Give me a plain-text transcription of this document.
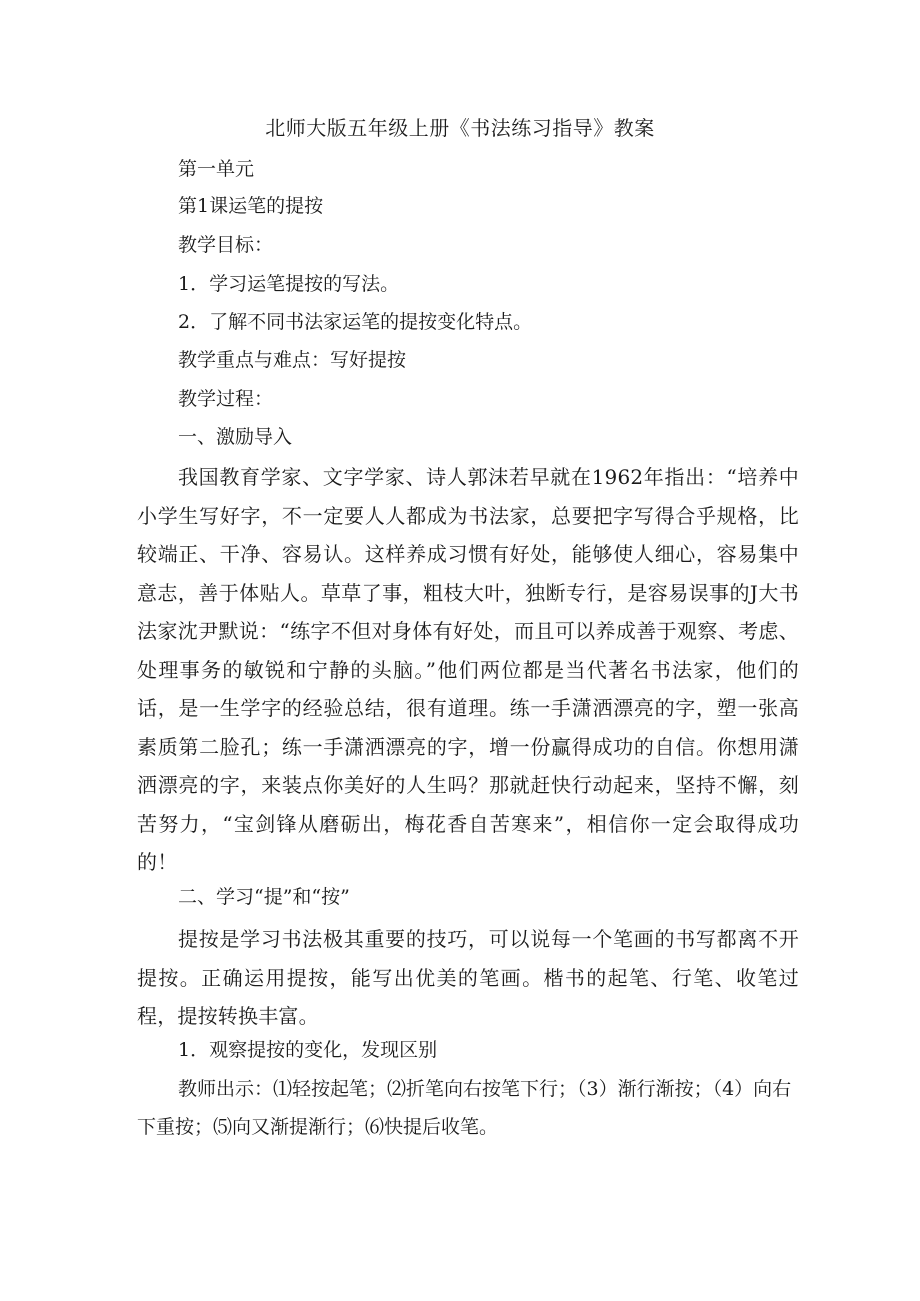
北师大版五年级上册《书法练习指导》教案
第一单元
第1课运笔的提按
教学目标：
1．学习运笔提按的写法。
2．了解不同书法家运笔的提按变化特点。
教学重点与难点：写好提按
教学过程：
一、激励导入
我国教育学家、文字学家、诗人郭沫若早就在1962年指出：“培养中小学生写好字，不一定要人人都成为书法家，总要把字写得合乎规格，比较端正、干净、容易认。这样养成习惯有好处，能够使人细心，容易集中意志，善于体贴人。草草了事，粗枝大叶，独断专行，是容易误事的J大书法家沈尹默说：“练字不但对身体有好处，而且可以养成善于观察、考虑、处理事务的敏锐和宁静的头脑。”他们两位都是当代著名书法家，他们的话，是一生学字的经验总结，很有道理。练一手潇洒漂亮的字，塑一张高素质第二脸孔；练一手潇洒漂亮的字，增一份赢得成功的自信。你想用潇洒漂亮的字，来装点你美好的人生吗？那就赶快行动起来，坚持不懈，刻苦努力，“宝剑锋从磨砺出，梅花香自苦寒来”，相信你一定会取得成功的！
二、学习“提”和“按”
提按是学习书法极其重要的技巧，可以说每一个笔画的书写都离不开提按。正确运用提按，能写出优美的笔画。楷书的起笔、行笔、收笔过程，提按转换丰富。
1．观察提按的变化，发现区别
教师出示：⑴轻按起笔；⑵折笔向右按笔下行；（3）渐行渐按；（4）向右下重按；⑸向又渐提渐行；⑹快提后收笔。
